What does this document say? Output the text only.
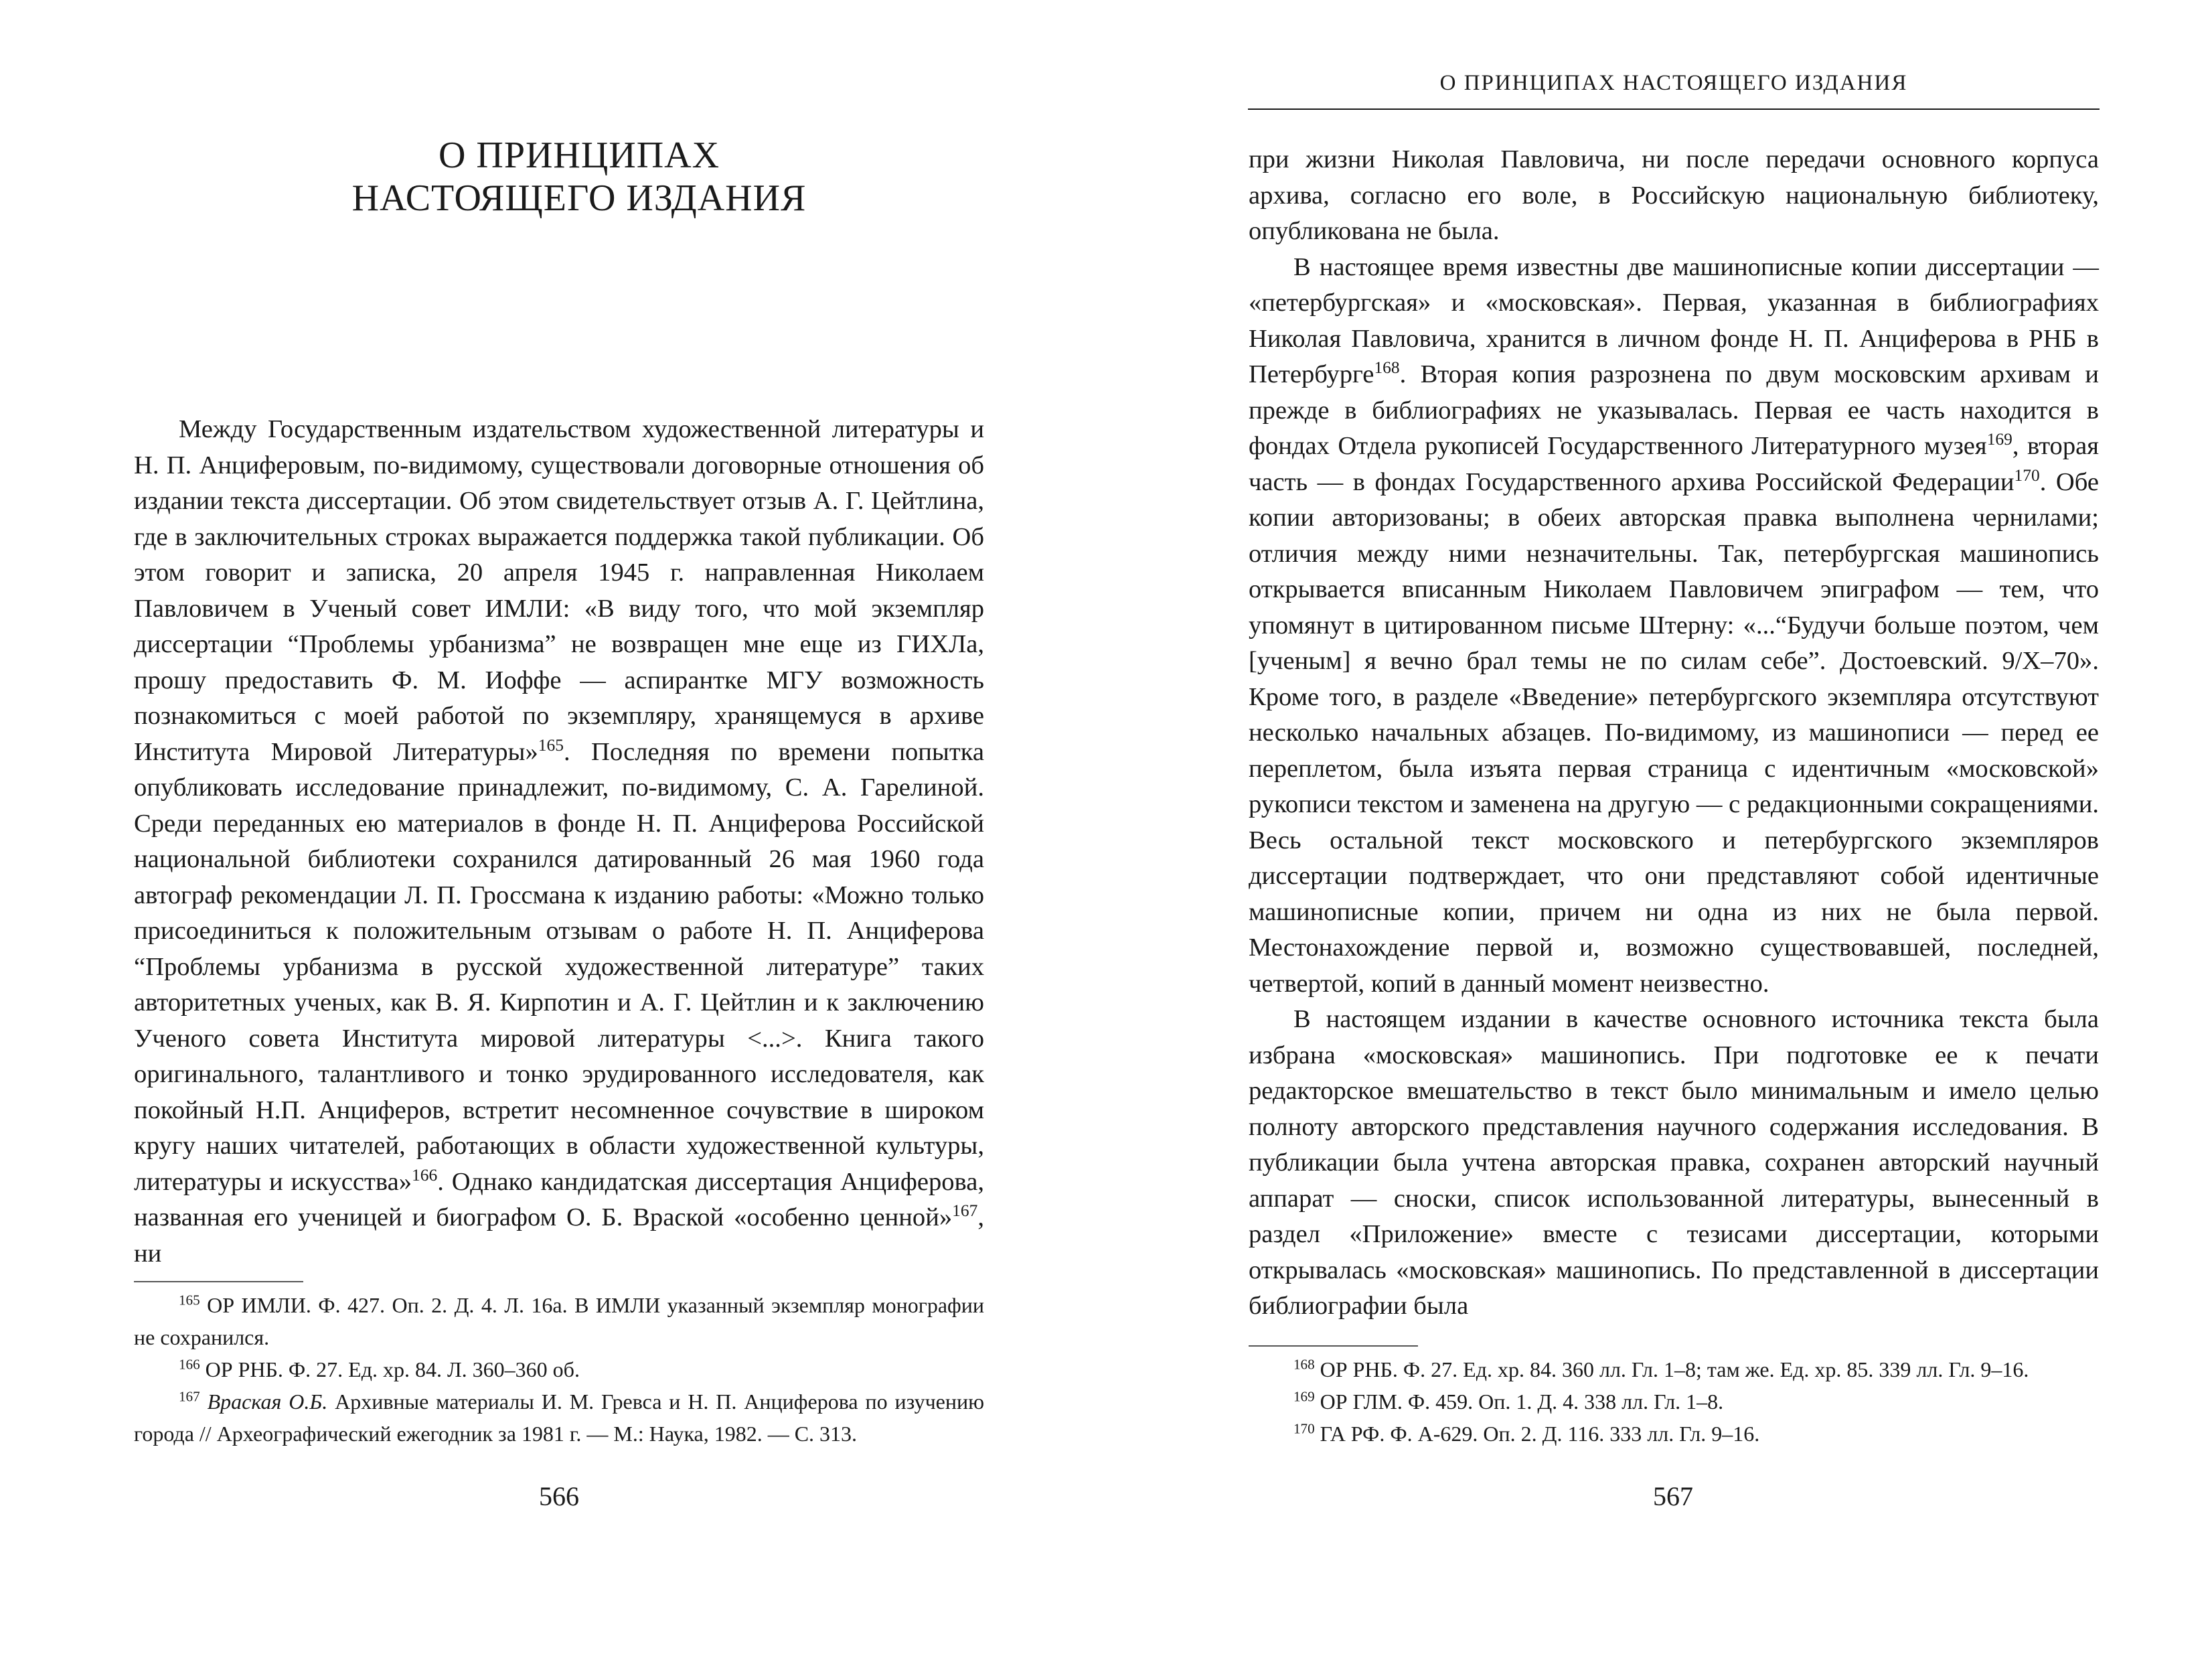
О ПРИНЦИПАХ
НАСТОЯЩЕГО ИЗДАНИЯ

Между Государственным издательством художественной литературы и Н. П. Анциферовым, по-видимому, существовали договорные отношения об издании текста диссертации. Об этом свидетельствует отзыв А. Г. Цейтлина, где в заключительных строках выражается поддержка такой публикации. Об этом говорит и записка, 20 апреля 1945 г. направленная Николаем Павловичем в Ученый совет ИМЛИ: «В виду того, что мой экземпляр диссертации “Проблемы урбанизма” не возвращен мне еще из ГИХЛа, прошу предоставить Ф. М. Иоффе — аспирантке МГУ возможность познакомиться с моей работой по экземпляру, хранящемуся в архиве Института Мировой Литературы»$^{165}$. Последняя по времени попытка опубликовать исследование принадлежит, по-видимому, С. А. Гарелиной. Среди переданных ею материалов в фонде Н. П. Анциферова Российской национальной библиотеки сохранился датированный 26 мая 1960 года автограф рекомендации Л. П. Гроссмана к изданию работы: «Можно только присоединиться к положительным отзывам о работе Н. П. Анциферова “Проблемы урбанизма в русской художественной литературе” таких авторитетных ученых, как В. Я. Кирпотин и А. Г. Цейтлин и к заключению Ученого совета Института мировой литературы <...>. Книга такого оригинального, талантливого и тонко эрудированного исследователя, как покойный Н.П. Анциферов, встретит несомненное сочувствие в широком кругу наших читателей, работающих в области художественной культуры, литературы и искусства»$^{166}$. Однако кандидатская диссертация Анциферова, названная его ученицей и биографом О. Б. Враской «особенно ценной»$^{167}$, ни

$^{165}$ ОР ИМЛИ. Ф. 427. Оп. 2. Д. 4. Л. 16а. В ИМЛИ указанный экземпляр монографии не сохранился.

$^{166}$ ОР РНБ. Ф. 27. Ед. хр. 84. Л. 360–360 об.

$^{167}$ Враская О.Б. Архивные материалы И. М. Гревса и Н. П. Анциферова по изучению города // Археографический ежегодник за 1981 г. — М.: Наука, 1982. — С. 313.

566
О ПРИНЦИПАХ НАСТОЯЩЕГО ИЗДАНИЯ

при жизни Николая Павловича, ни после передачи основного корпуса архива, согласно его воле, в Российскую национальную библиотеку, опубликована не была.

В настоящее время известны две машинописные копии диссертации — «петербургская» и «московская». Первая, указанная в библиографиях Николая Павловича, хранится в личном фонде Н. П. Анциферова в РНБ в Петербурге$^{168}$. Вторая копия разрознена по двум московским архивам и прежде в библиографиях не указывалась. Первая ее часть находится в фондах Отдела рукописей Государственного Литературного музея$^{169}$, вторая часть — в фондах Государственного архива Российской Федерации$^{170}$. Обе копии авторизованы; в обеих авторская правка выполнена чернилами; отличия между ними незначительны. Так, петербургская машинопись открывается вписанным Николаем Павловичем эпиграфом — тем, что упомянут в цитированном письме Штерну: «...“Будучи больше поэтом, чем [ученым] я вечно брал темы не по силам себе”. Достоевский. 9/X–70». Кроме того, в разделе «Введение» петербургского экземпляра отсутствуют несколько начальных абзацев. По-видимому, из машинописи — перед ее переплетом, была изъята первая страница с идентичным «московской» рукописи текстом и заменена на другую — с редакционными сокращениями. Весь остальной текст московского и петербургского экземпляров диссертации подтверждает, что они представляют собой идентичные машинописные копии, причем ни одна из них не была первой. Местонахождение первой и, возможно существовавшей, последней, четвертой, копий в данный момент неизвестно.

В настоящем издании в качестве основного источника текста была избрана «московская» машинопись. При подготовке ее к печати редакторское вмешательство в текст было минимальным и имело целью полноту авторского представления научного содержания исследования. В публикации была учтена авторская правка, сохранен авторский научный аппарат — сноски, список использованной литературы, вынесенный в раздел «Приложение» вместе с тезисами диссертации, которыми открывалась «московская» машинопись. По представленной в диссертации библиографии была

$^{168}$ ОР РНБ. Ф. 27. Ед. хр. 84. 360 лл. Гл. 1–8; там же. Ед. хр. 85. 339 лл. Гл. 9–16.

$^{169}$ ОР ГЛМ. Ф. 459. Оп. 1. Д. 4. 338 лл. Гл. 1–8.

$^{170}$ ГА РФ. Ф. А-629. Оп. 2. Д. 116. 333 лл. Гл. 9–16.

567
